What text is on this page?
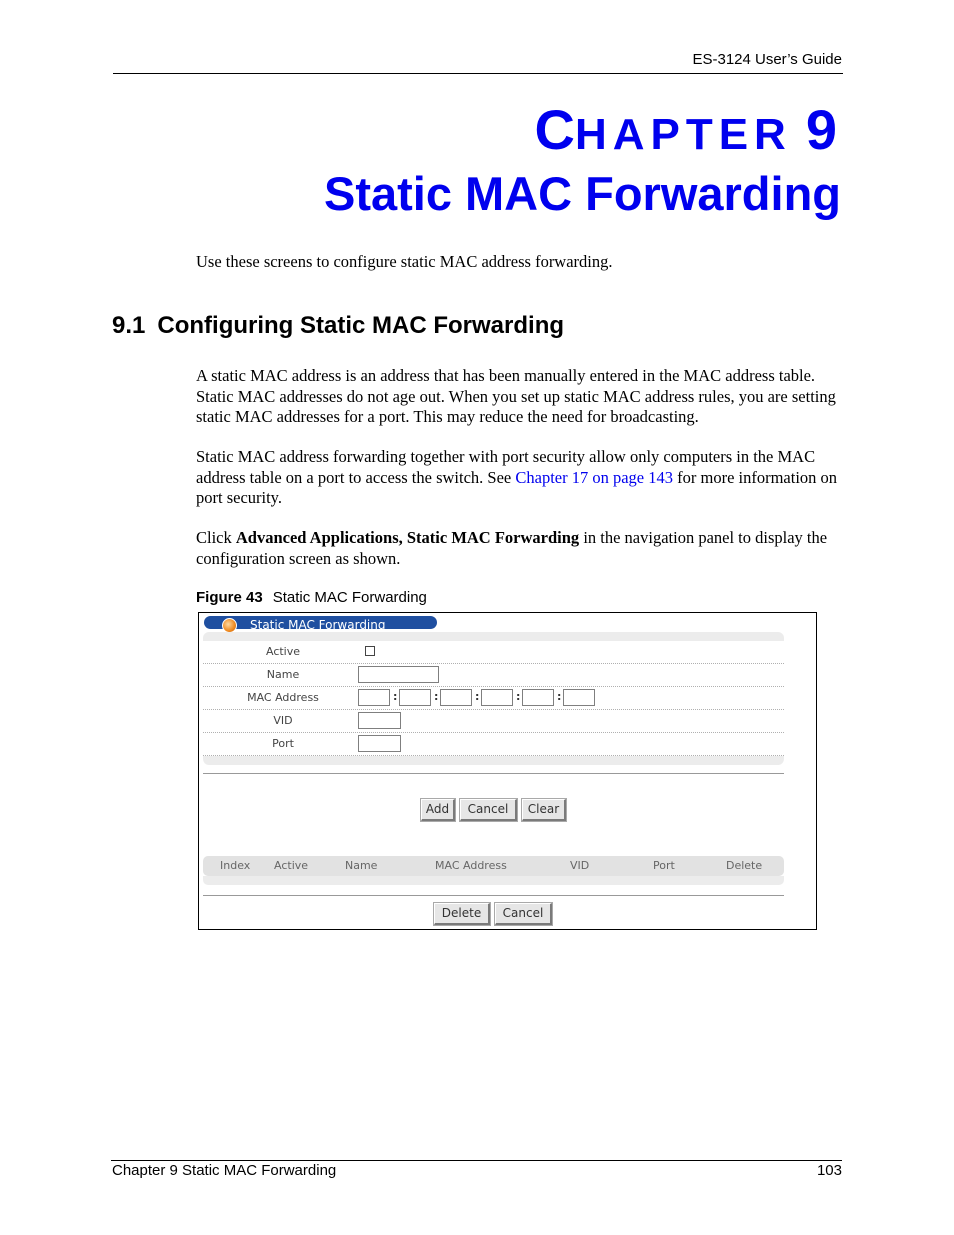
ES-3124 User’s Guide
CHAPTER 9
Static MAC Forwarding
Use these screens to configure static MAC address forwarding.
9.1 Configuring Static MAC Forwarding
A static MAC address is an address that has been manually entered in the MAC address table. Static MAC addresses do not age out. When you set up static MAC address rules, you are setting static MAC addresses for a port. This may reduce the need for broadcasting.
Static MAC address forwarding together with port security allow only computers in the MAC address table on a port to access the switch. See Chapter 17 on page 143 for more information on port security.
Click Advanced Applications, Static MAC Forwarding in the navigation panel to display the configuration screen as shown.
Figure 43 Static MAC Forwarding
Static MAC Forwarding
Active
Name
MAC Address	:	:	:	:	:
VID
Port
Add	Cancel	Clear
Index Active	Name	MAC Address	VID	Port	Delete
Delete	Cancel
Chapter 9 Static MAC Forwarding	103
